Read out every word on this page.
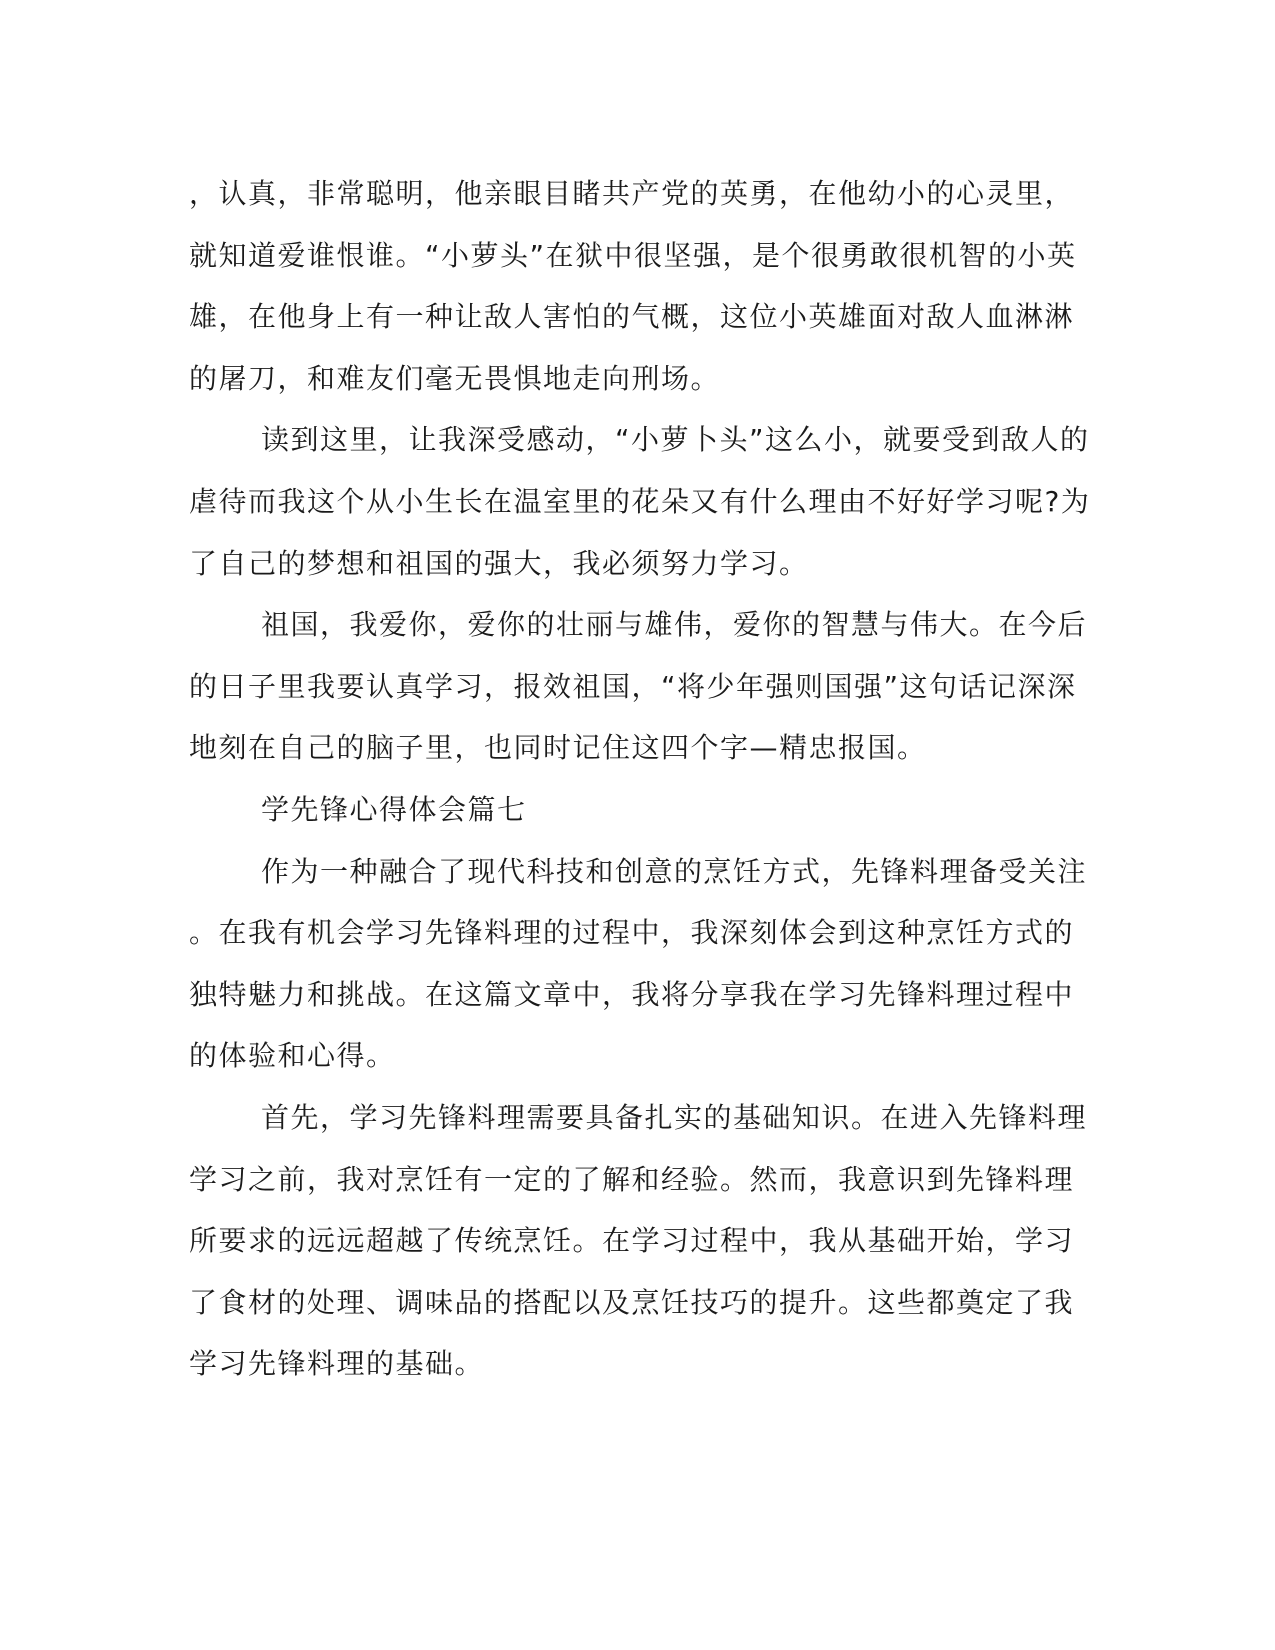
，认真，非常聪明，他亲眼目睹共产党的英勇，在他幼小的心灵里，
就知道爱谁恨谁。“小萝头”在狱中很坚强，是个很勇敢很机智的小英
雄，在他身上有一种让敌人害怕的气概，这位小英雄面对敌人血淋淋
的屠刀，和难友们毫无畏惧地走向刑场。
读到这里，让我深受感动，“小萝卜头”这么小，就要受到敌人的
虐待而我这个从小生长在温室里的花朵又有什么理由不好好学习呢?为
了自己的梦想和祖国的强大，我必须努力学习。
祖国，我爱你，爱你的壮丽与雄伟，爱你的智慧与伟大。在今后
的日子里我要认真学习，报效祖国，“将少年强则国强”这句话记深深
地刻在自己的脑子里，也同时记住这四个字—精忠报国。
学先锋心得体会篇七
作为一种融合了现代科技和创意的烹饪方式，先锋料理备受关注
。在我有机会学习先锋料理的过程中，我深刻体会到这种烹饪方式的
独特魅力和挑战。在这篇文章中，我将分享我在学习先锋料理过程中
的体验和心得。
首先，学习先锋料理需要具备扎实的基础知识。在进入先锋料理
学习之前，我对烹饪有一定的了解和经验。然而，我意识到先锋料理
所要求的远远超越了传统烹饪。在学习过程中，我从基础开始，学习
了食材的处理、调味品的搭配以及烹饪技巧的提升。这些都奠定了我
学习先锋料理的基础。
